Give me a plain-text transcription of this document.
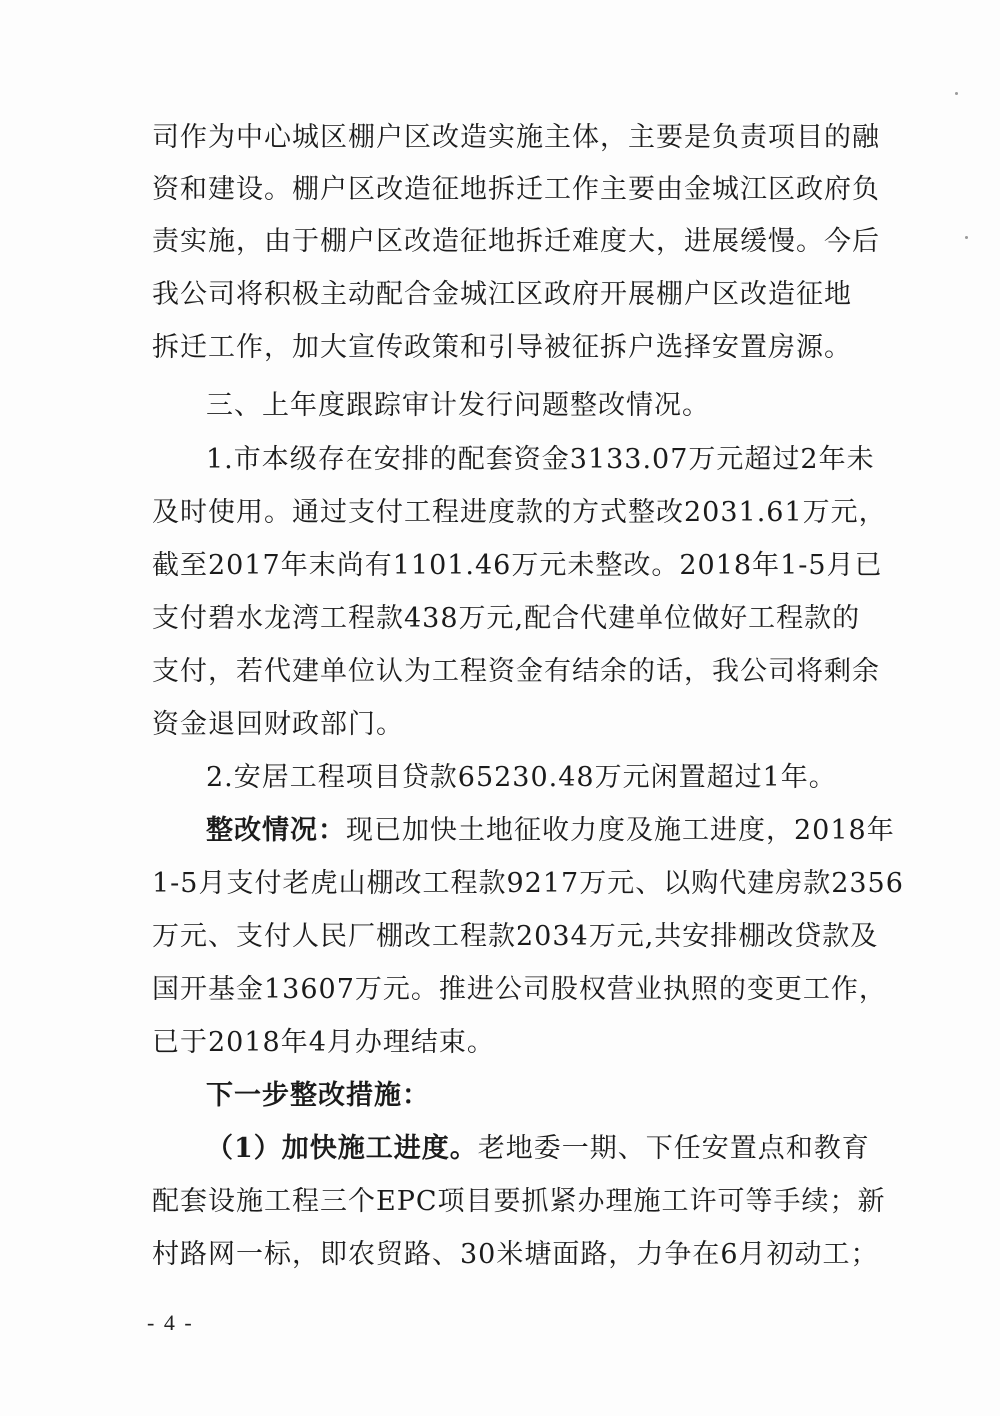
司作为中心城区棚户区改造实施主体，主要是负责项目的融
资和建设。棚户区改造征地拆迁工作主要由金城江区政府负
责实施，由于棚户区改造征地拆迁难度大，进展缓慢。今后
我公司将积极主动配合金城江区政府开展棚户区改造征地
拆迁工作，加大宣传政策和引导被征拆户选择安置房源。
三、上年度跟踪审计发行问题整改情况。
1.市本级存在安排的配套资金3133.07万元超过2年未
及时使用。通过支付工程进度款的方式整改2031.61万元，
截至2017年末尚有1101.46万元未整改。2018年1-5月已
支付碧水龙湾工程款438万元,配合代建单位做好工程款的
支付，若代建单位认为工程资金有结余的话，我公司将剩余
资金退回财政部门。
2.安居工程项目贷款65230.48万元闲置超过1年。
整改情况：现已加快土地征收力度及施工进度，2018年
1-5月支付老虎山棚改工程款9217万元、以购代建房款2356
万元、支付人民厂棚改工程款2034万元,共安排棚改贷款及
国开基金13607万元。推进公司股权营业执照的变更工作，
已于2018年4月办理结束。
下一步整改措施：
（1）加快施工进度。老地委一期、下任安置点和教育
配套设施工程三个EPC项目要抓紧办理施工许可等手续；新
村路网一标，即农贸路、30米塘面路，力争在6月初动工；
- 4 -
